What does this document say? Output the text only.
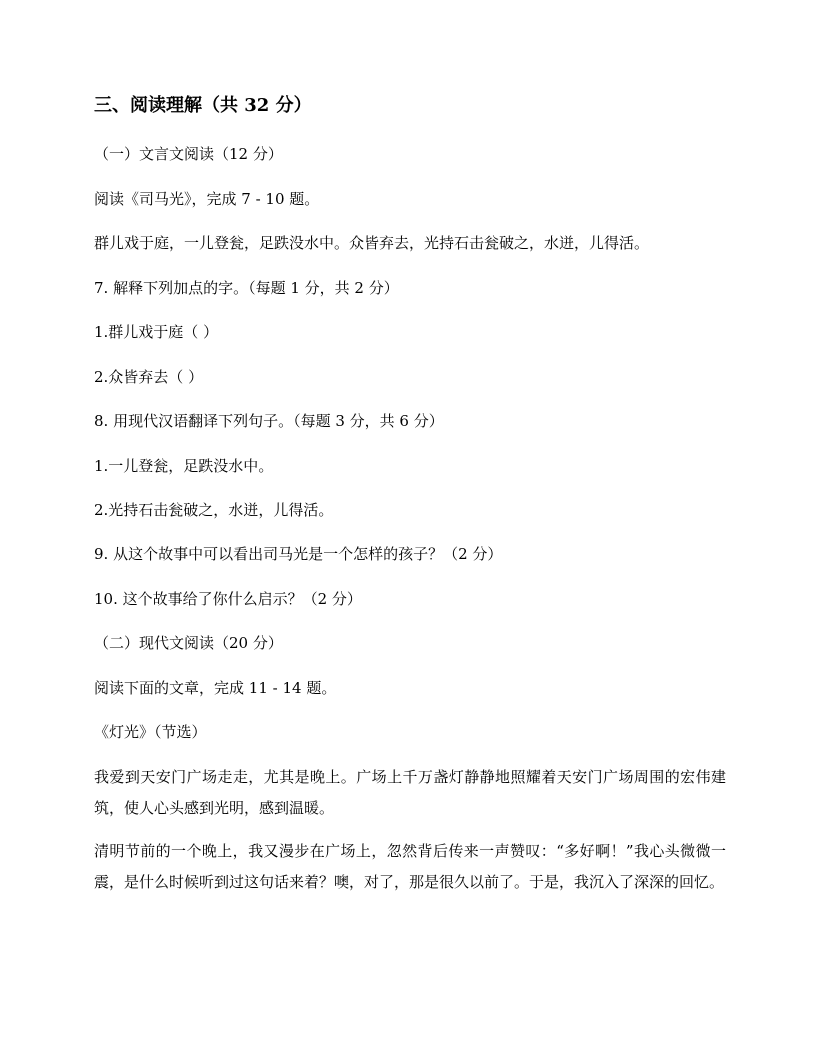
三、阅读理解（共 32 分）
（一）文言文阅读（12 分）
阅读《司马光》，完成 7 - 10 题。
群儿戏于庭，一儿登瓮，足跌没水中。众皆弃去，光持石击瓮破之，水迸，儿得活。
7. 解释下列加点的字。（每题 1 分，共 2 分）
1.群儿戏于庭（ ）
2.众皆弃去（ ）
8. 用现代汉语翻译下列句子。（每题 3 分，共 6 分）
1.一儿登瓮，足跌没水中。
2.光持石击瓮破之，水迸，儿得活。
9. 从这个故事中可以看出司马光是一个怎样的孩子？（2 分）
10. 这个故事给了你什么启示？（2 分）
（二）现代文阅读（20 分）
阅读下面的文章，完成 11 - 14 题。
《灯光》（节选）
我爱到天安门广场走走，尤其是晚上。广场上千万盏灯静静地照耀着天安门广场周围的宏伟建筑，使人心头感到光明，感到温暖。
清明节前的一个晚上，我又漫步在广场上，忽然背后传来一声赞叹：“多好啊！”我心头微微一震，是什么时候听到过这句话来着？噢，对了，那是很久以前了。于是，我沉入了深深的回忆。
